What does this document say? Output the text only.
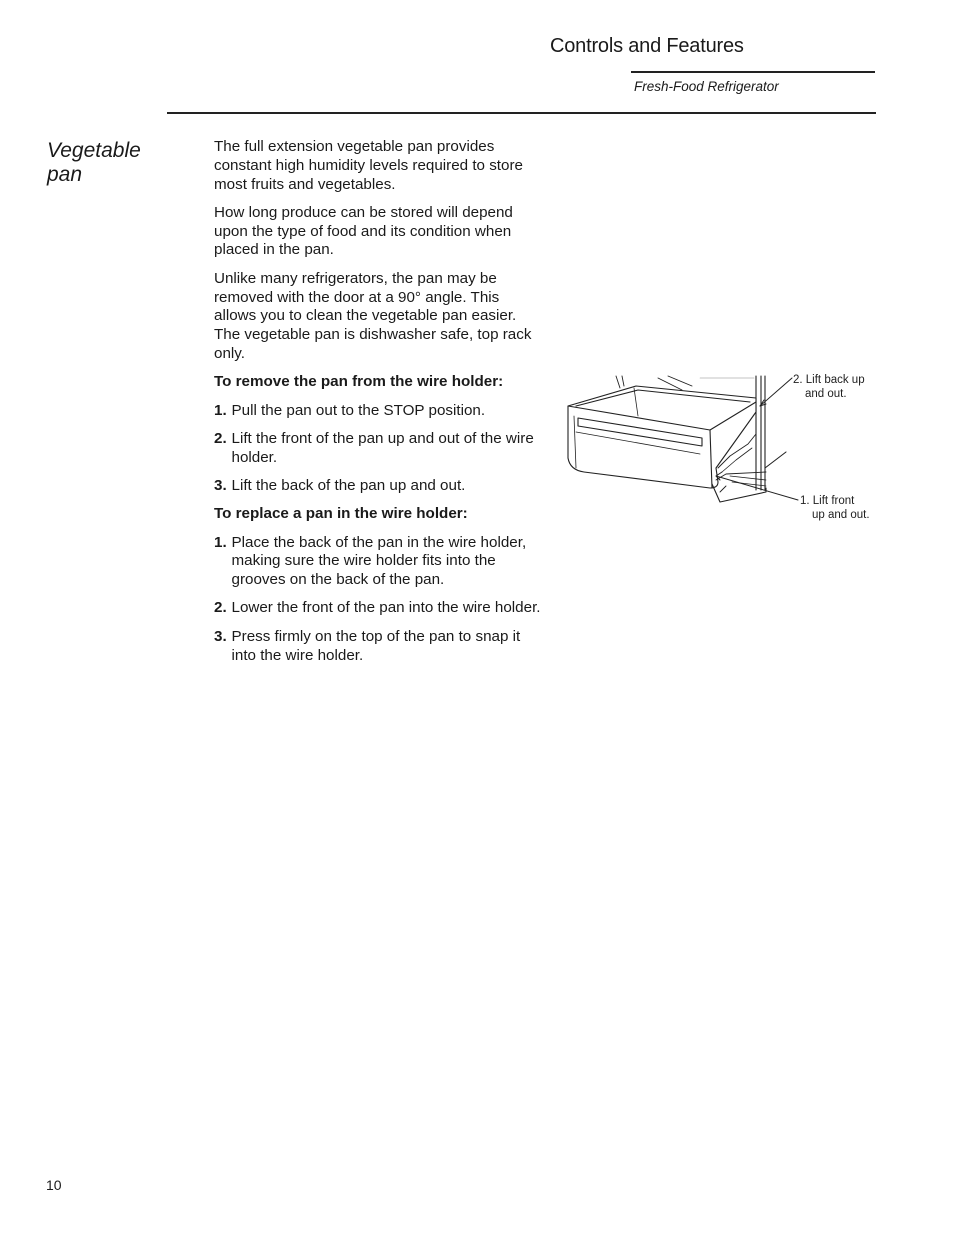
Controls and Features
Fresh-Food Refrigerator
Vegetable
pan

The full extension vegetable pan provides constant high humidity levels required to store most fruits and vegetables.

How long produce can be stored will depend upon the type of food and its condition when placed in the pan.

Unlike many refrigerators, the pan may be removed with the door at a 90° angle. This allows you to clean the vegetable pan easier. The vegetable pan is dishwasher safe, top rack only.

To remove the pan from the wire holder:

1. Pull the pan out to the STOP position.
2. Lift the front of the pan up and out of the wire holder.
3. Lift the back of the pan up and out.

To replace a pan in the wire holder:

1. Place the back of the pan in the wire holder, making sure the wire holder fits into the grooves on the back of the pan.
2. Lower the front of the pan into the wire holder.
3. Press firmly on the top of the pan to snap it into the wire holder.
2. Lift back up
and out.
1. Lift front
up and out.
10
